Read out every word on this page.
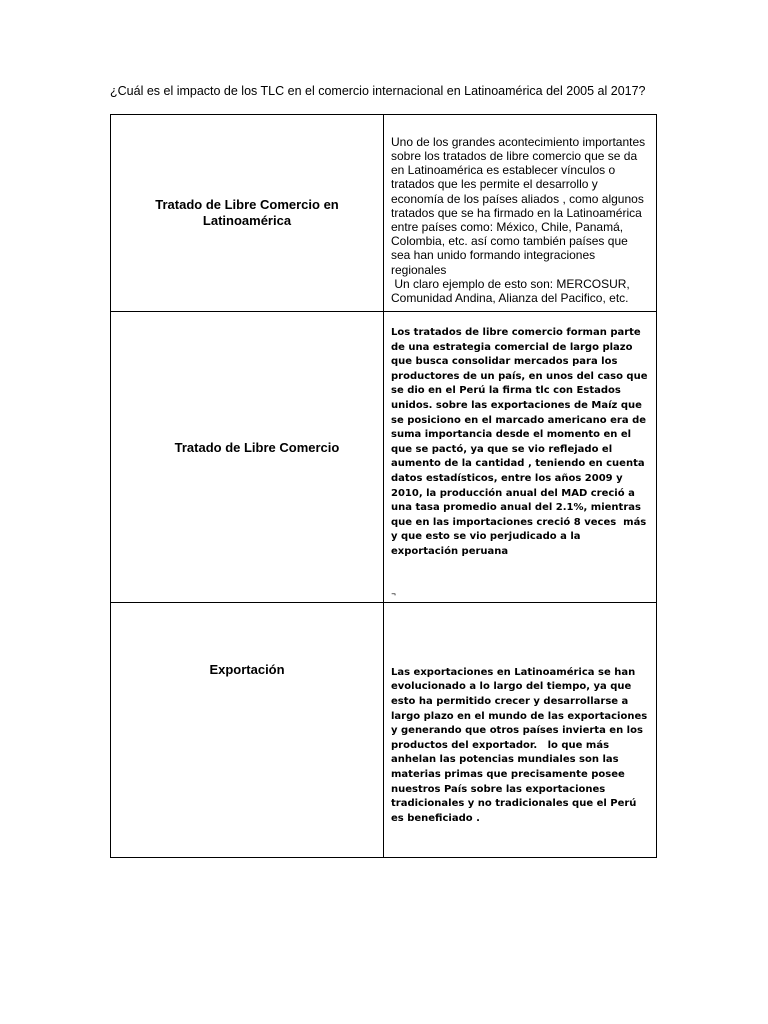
¿Cuál es el impacto de los TLC en el comercio internacional en Latinoamérica del 2005 al 2017?
Tratado de Libre Comercio en Latinoamérica	Uno de los grandes acontecimiento importantes sobre los tratados de libre comercio que se da en Latinoamérica es establecer vínculos o tratados que les permite el desarrollo y economía de los países aliados , como algunos tratados que se ha firmado en la Latinoamérica entre países como: México, Chile, Panamá, Colombia, etc. así como también países que sea han unido formando integraciones regionales
Un claro ejemplo de esto son: MERCOSUR, Comunidad Andina, Alianza del Pacifico, etc.

Tratado de Libre Comercio	Los tratados de libre comercio forman parte de una estrategia comercial de largo plazo que busca consolidar mercados para los productores de un país, en unos del caso que se dio en el Perú la firma tlc con Estados unidos. sobre las exportaciones de Maíz que se posiciono en el marcado americano era de suma importancia desde el momento en el que se pactó, ya que se vio reflejado el aumento de la cantidad , teniendo en cuenta datos estadísticos, entre los años 2009 y 2010, la producción anual del MAD creció a una tasa promedio anual del 2.1%, mientras que en las importaciones creció 8 veces  más y que esto se vio perjudicado a la exportación peruana
¬

Exportación	Las exportaciones en Latinoamérica se han evolucionado a lo largo del tiempo, ya que esto ha permitido crecer y desarrollarse a largo plazo en el mundo de las exportaciones y generando que otros países invierta en los productos del exportador.   lo que más anhelan las potencias mundiales son las materias primas que precisamente posee nuestros País sobre las exportaciones tradicionales y no tradicionales que el Perú es beneficiado .
